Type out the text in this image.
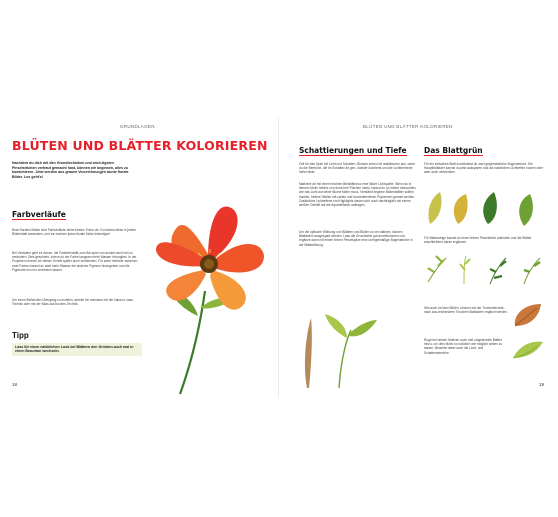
GRUNDLAGEN
BLÜTEN UND BLÄTTER KOLORIEREN
Nachdem du dich mit den Grundtechniken und wich-tigsten Pinselstrichen vertraut gemacht hast, können wir beginnen, alles zu kombinieren. Jetzt werden aus grauen Vorzeichnungen bunte florale Bilder. Los geht's!
Farbverläufe
Beim floralen Malen sind Farbverläufe deine besten Freun-de. Du kannst diese in jedem Blütenblatt anwenden, und sie machen jedes florale Motiv lebendiger!
Bei Verläufen geht es darum, die Farbintensität zum Bei-spiel von dunkel nach hell zu verändern. Dies geschieht, indem du der Farbe langsam mehr Wasser hinzugibst. In der Projekten nennen ich diesen Schritt später auch verblenden. Für zarte Verläufe zwischen zwei Farben kannst du statt mehr Wasser ein anderes Pigment hinzugeben und die Pigmente ein neu verbinden lassen.
Um einen fließenden Übergang zu erzielen, arbeite ich meistens mit der Nass-in-nass-Technik oder mit der Nass-auf-trocken-Technik.
Tipp
Lass für einen natürlichen Look bei Blättern den Grünton auch mal in einen Braunton wechseln.
18
BLÜTEN UND BLÄTTER KOLORIEREN
Schattierungen und Tiefe
Zeit für das Spiel mit Licht und Schatten. Blumen sehen oft realistischer aus, wenn du die Bereiche, die im Schatten lie-gen, dunkler kolorierst und die Lichtbereiche heller lässt.
Markiere dir mit einem leichten Bleistiftkreuz eine fiktive Lichtquelle. Wenn du in deinem Motiv hellere und dunk-lere Flächen malst, kannst du so immer überprüfen, wie das Licht auf deine Blume fallen muss. Verstärkt beginne Blütenblätter sollten dunkler, hellere Stellen mit zarten und konzentrierteren Pigmenten gemalt werden. Zusätzliche Lichtreflexe und Highlights lassen sich auch nachträglich mit einem weißen Gelstift auf die Aquarellfarbe auftragen.
Um die optische Wölbung von Blättern und Blüten zu ver-stärken, können Blattadern ausgespart werden. Lass die Grundfarbe gut durchtrocknen und ergänze dann mit einem feinen Pinselspitze eine unregelmäßige Bogenstriche in der Blattwölbung.
Das Blattgrün
Für ein einfaches Blatt kombinierst du zwei gegensätzliche Bogenstriche. Die Hauptblattader kannst du jetzt aussparen und als natürlichen Lichtreflex nutzen oder aber auch verblenden.
Für Blattzweige kannst du einen feinen Pinselstrich aufmalen und die Blätter anschließend daran ergänzen.
Wie auch bei den Blüten, können mit der Trockentechnik, nach aus-reichendem Trocknen Blattadern ergänzt werden.
Ruge bei deinen Motiven auch mal umgeknickte Blätter hinzu, um dein Motiv so natürlich wie möglich wirken zu lassen. Beachte dabei auch die Licht- und Schattenbereiche.
19
